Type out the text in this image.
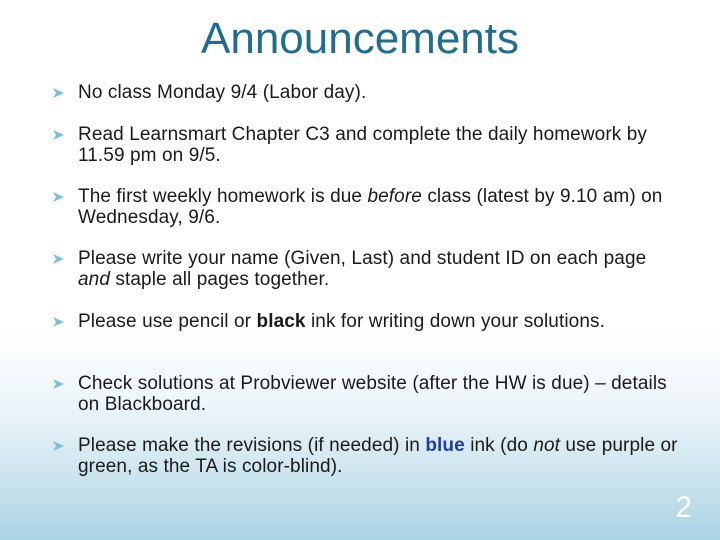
Announcements
No class Monday 9/4 (Labor day).
Read Learnsmart Chapter C3 and complete the daily homework by 11.59 pm on 9/5.
The first weekly homework is due before class (latest by 9.10 am) on Wednesday, 9/6.
Please write your name (Given, Last) and student ID on each page and staple all pages together.
Please use pencil or black ink for writing down your solutions.
Check solutions at Probviewer website (after the HW is due) – details on Blackboard.
Please make the revisions (if needed) in blue ink (do not use purple or green, as the TA is color-blind).
2
